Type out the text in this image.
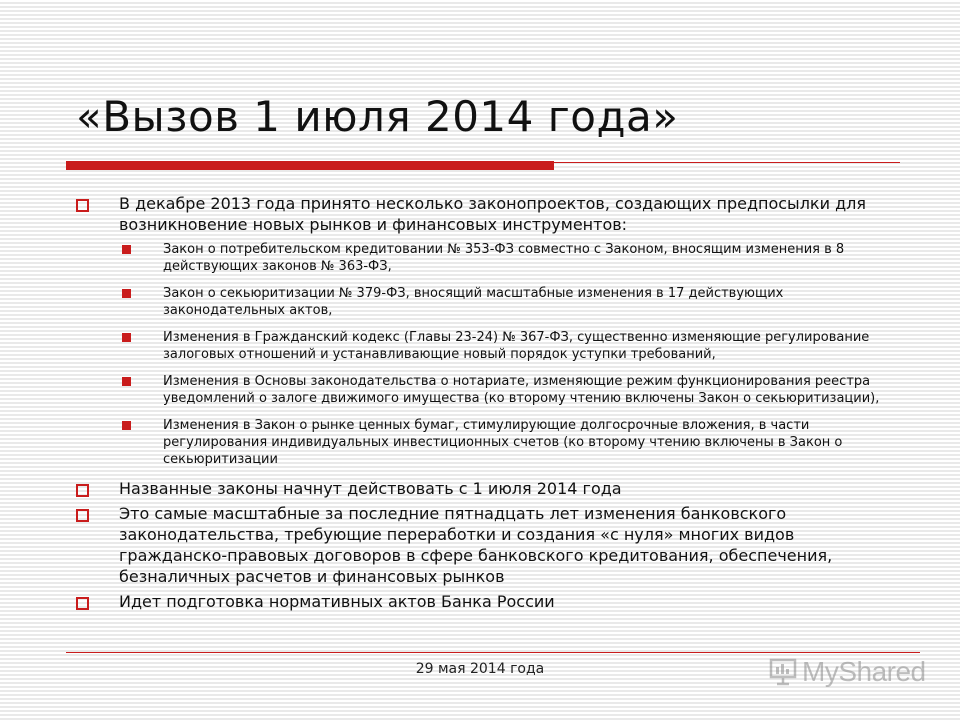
«Вызов 1 июля 2014 года»
В декабре 2013 года принято несколько законопроектов, создающих предпосылки для возникновение новых рынков и финансовых инструментов:
Закон о потребительском кредитовании № 353-ФЗ совместно с Законом, вносящим изменения в 8 действующих законов № 363-ФЗ,
Закон о секьюритизации № 379-ФЗ, вносящий масштабные изменения в 17 действующих законодательных актов,
Изменения в Гражданский кодекс (Главы 23-24) № 367-ФЗ, существенно изменяющие регулирование залоговых отношений и устанавливающие новый порядок уступки требований,
Изменения в Основы законодательства о нотариате, изменяющие режим функционирования реестра уведомлений о залоге движимого имущества (ко второму чтению включены Закон о секьюритизации),
Изменения в Закон о рынке ценных бумаг, стимулирующие долгосрочные вложения, в части регулирования индивидуальных инвестиционных счетов (ко второму чтению включены в Закон о секьюритизации
Названные законы начнут действовать с 1 июля 2014 года
Это самые масштабные за последние пятнадцать лет изменения банковского законодательства, требующие переработки и создания «с нуля» многих видов гражданско-правовых договоров в сфере банковского кредитования, обеспечения, безналичных расчетов и финансовых рынков
Идет подготовка нормативных актов Банка России
29 мая 2014 года	MyShared
